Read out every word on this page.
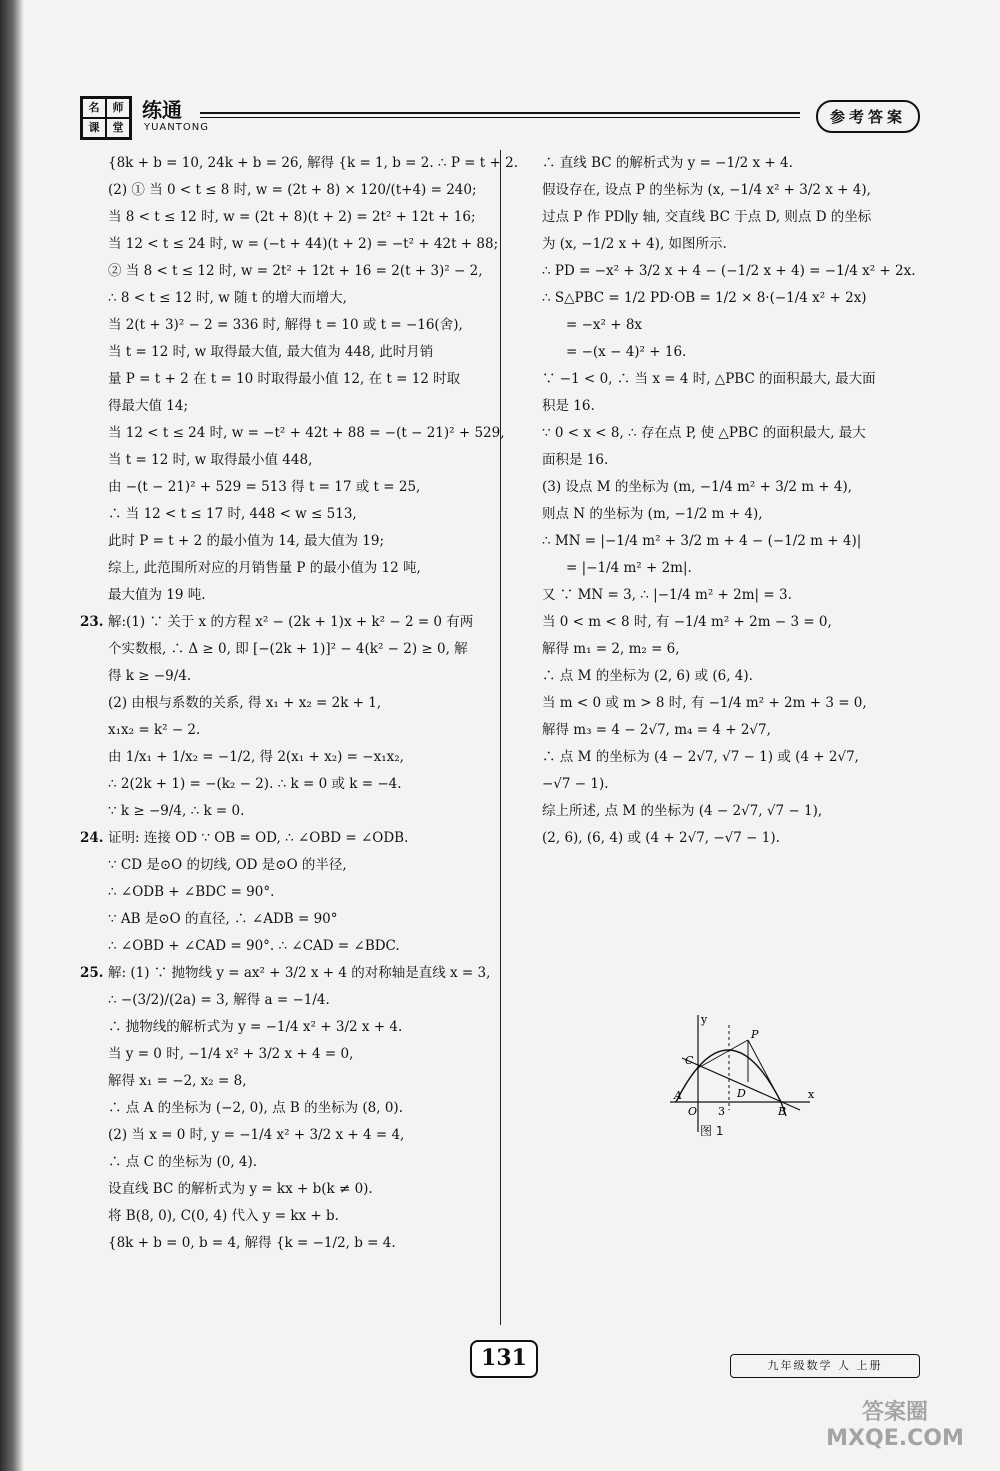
名	师
课	堂
练通
YUANTONG
参考答案
{8k + b = 10, 24k + b = 26, 解得 {k = 1, b = 2. ∴ P = t + 2.
(2) ① 当 0 < t ≤ 8 时, w = (2t + 8) × 120/(t+4) = 240;
当 8 < t ≤ 12 时, w = (2t + 8)(t + 2) = 2t² + 12t + 16;
当 12 < t ≤ 24 时, w = (−t + 44)(t + 2) = −t² + 42t + 88;
② 当 8 < t ≤ 12 时, w = 2t² + 12t + 16 = 2(t + 3)² − 2,
∴ 8 < t ≤ 12 时, w 随 t 的增大而增大,
当 2(t + 3)² − 2 = 336 时, 解得 t = 10 或 t = −16(舍),
当 t = 12 时, w 取得最大值, 最大值为 448, 此时月销
量 P = t + 2 在 t = 10 时取得最小值 12, 在 t = 12 时取
得最大值 14;
当 12 < t ≤ 24 时, w = −t² + 42t + 88 = −(t − 21)² + 529,
当 t = 12 时, w 取得最小值 448,
由 −(t − 21)² + 529 = 513 得 t = 17 或 t = 25,
∴ 当 12 < t ≤ 17 时, 448 < w ≤ 513,
此时 P = t + 2 的最小值为 14, 最大值为 19;
综上, 此范围所对应的月销售量 P 的最小值为 12 吨,
最大值为 19 吨.
23. 解:(1) ∵ 关于 x 的方程 x² − (2k + 1)x + k² − 2 = 0 有两
个实数根, ∴ Δ ≥ 0, 即 [−(2k + 1)]² − 4(k² − 2) ≥ 0, 解
得 k ≥ −9/4.
(2) 由根与系数的关系, 得 x₁ + x₂ = 2k + 1,
x₁x₂ = k² − 2.
由 1/x₁ + 1/x₂ = −1/2, 得 2(x₁ + x₂) = −x₁x₂,
∴ 2(2k + 1) = −(k₂ − 2). ∴ k = 0 或 k = −4.
∵ k ≥ −9/4, ∴ k = 0.
24. 证明: 连接 OD ∵ OB = OD, ∴ ∠OBD = ∠ODB.
∵ CD 是⊙O 的切线, OD 是⊙O 的半径,
∴ ∠ODB + ∠BDC = 90°.
∵ AB 是⊙O 的直径, ∴ ∠ADB = 90°
∴ ∠OBD + ∠CAD = 90°. ∴ ∠CAD = ∠BDC.
25. 解: (1) ∵ 抛物线 y = ax² + 3/2 x + 4 的对称轴是直线 x = 3,
∴ −(3/2)/(2a) = 3, 解得 a = −1/4.
∴ 抛物线的解析式为 y = −1/4 x² + 3/2 x + 4.
当 y = 0 时, −1/4 x² + 3/2 x + 4 = 0,
解得 x₁ = −2, x₂ = 8,
∴ 点 A 的坐标为 (−2, 0), 点 B 的坐标为 (8, 0).
(2) 当 x = 0 时, y = −1/4 x² + 3/2 x + 4 = 4,
∴ 点 C 的坐标为 (0, 4).
设直线 BC 的解析式为 y = kx + b(k ≠ 0).
将 B(8, 0), C(0, 4) 代入 y = kx + b.
{8k + b = 0, b = 4, 解得 {k = −1/2, b = 4.
∴ 直线 BC 的解析式为 y = −1/2 x + 4.
假设存在, 设点 P 的坐标为 (x, −1/4 x² + 3/2 x + 4),
过点 P 作 PD∥y 轴, 交直线 BC 于点 D, 则点 D 的坐标
为 (x, −1/2 x + 4), 如图所示.
∴ PD = −x² + 3/2 x + 4 − (−1/2 x + 4) = −1/4 x² + 2x.
∴ S△PBC = 1/2 PD·OB = 1/2 × 8·(−1/4 x² + 2x)
= −x² + 8x
= −(x − 4)² + 16.
∵ −1 < 0, ∴ 当 x = 4 时, △PBC 的面积最大, 最大面
积是 16.
∵ 0 < x < 8, ∴ 存在点 P, 使 △PBC 的面积最大, 最大
面积是 16.
(3) 设点 M 的坐标为 (m, −1/4 m² + 3/2 m + 4),
则点 N 的坐标为 (m, −1/2 m + 4),
∴ MN = |−1/4 m² + 3/2 m + 4 − (−1/2 m + 4)|
= |−1/4 m² + 2m|.
又 ∵ MN = 3, ∴ |−1/4 m² + 2m| = 3.
当 0 < m < 8 时, 有 −1/4 m² + 2m − 3 = 0,
解得 m₁ = 2, m₂ = 6,
∴ 点 M 的坐标为 (2, 6) 或 (6, 4).
当 m < 0 或 m > 8 时, 有 −1/4 m² + 2m + 3 = 0,
解得 m₃ = 4 − 2√7, m₄ = 4 + 2√7,
∴ 点 M 的坐标为 (4 − 2√7, √7 − 1) 或 (4 + 2√7,
−√7 − 1).
综上所述, 点 M 的坐标为 (4 − 2√7, √7 − 1),
(2, 6), (6, 4) 或 (4 + 2√7, −√7 − 1).
y
x
P
C
A
O 3
D
B
图 1
131	九年级数学 人 上册
答案圈
MXQE.COM
